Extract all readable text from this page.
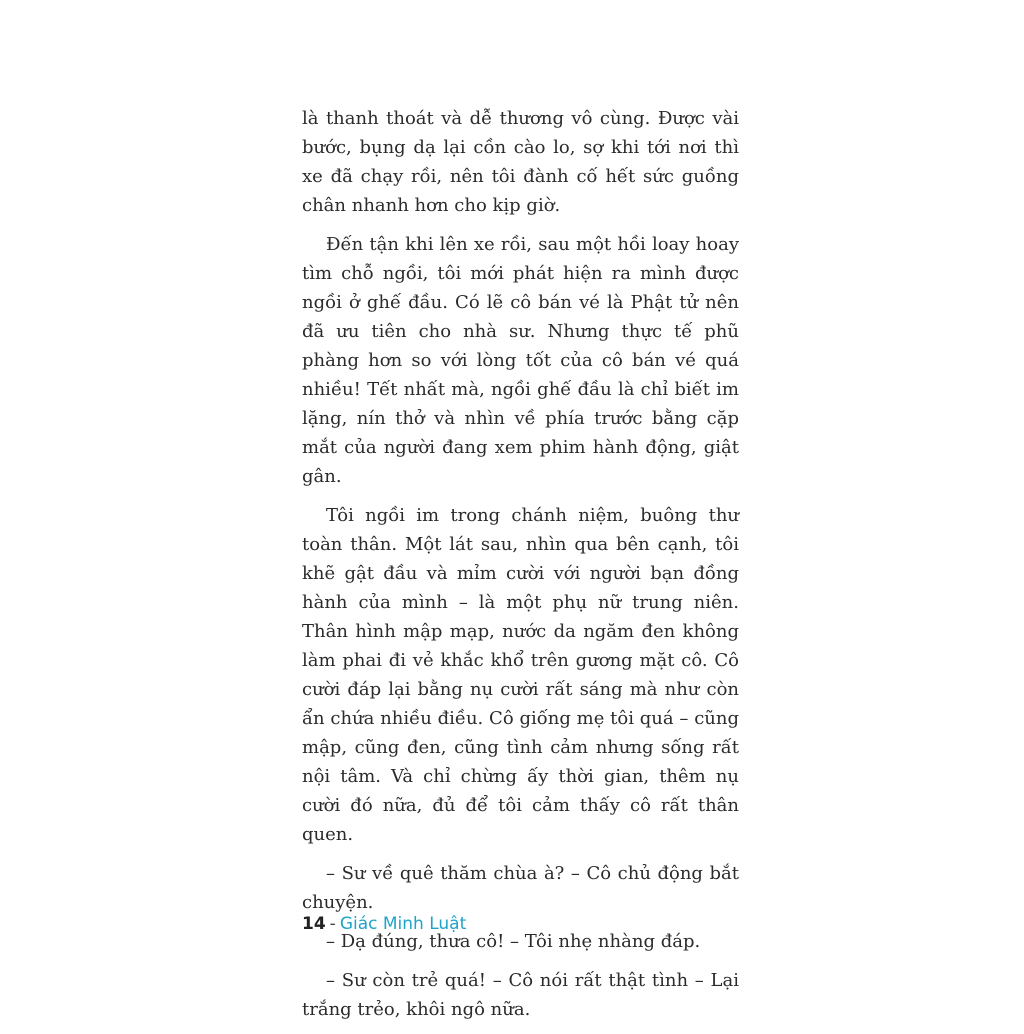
là thanh thoát và dễ thương vô cùng. Được vài bước, bụng dạ lại cồn cào lo, sợ khi tới nơi thì xe đã chạy rồi, nên tôi đành cố hết sức guồng chân nhanh hơn cho kịp giờ.

Đến tận khi lên xe rồi, sau một hồi loay hoay tìm chỗ ngồi, tôi mới phát hiện ra mình được ngồi ở ghế đầu. Có lẽ cô bán vé là Phật tử nên đã ưu tiên cho nhà sư. Nhưng thực tế phũ phàng hơn so với lòng tốt của cô bán vé quá nhiều! Tết nhất mà, ngồi ghế đầu là chỉ biết im lặng, nín thở và nhìn về phía trước bằng cặp mắt của người đang xem phim hành động, giật gân.

Tôi ngồi im trong chánh niệm, buông thư toàn thân. Một lát sau, nhìn qua bên cạnh, tôi khẽ gật đầu và mỉm cười với người bạn đồng hành của mình – là một phụ nữ trung niên. Thân hình mập mạp, nước da ngăm đen không làm phai đi vẻ khắc khổ trên gương mặt cô. Cô cười đáp lại bằng nụ cười rất sáng mà như còn ẩn chứa nhiều điều. Cô giống mẹ tôi quá – cũng mập, cũng đen, cũng tình cảm nhưng sống rất nội tâm. Và chỉ chừng ấy thời gian, thêm nụ cười đó nữa, đủ để tôi cảm thấy cô rất thân quen.

– Sư về quê thăm chùa à? – Cô chủ động bắt chuyện.

– Dạ đúng, thưa cô! – Tôi nhẹ nhàng đáp.

– Sư còn trẻ quá! – Cô nói rất thật tình – Lại trắng trẻo, khôi ngô nữa.

14 - Giác Minh Luật
